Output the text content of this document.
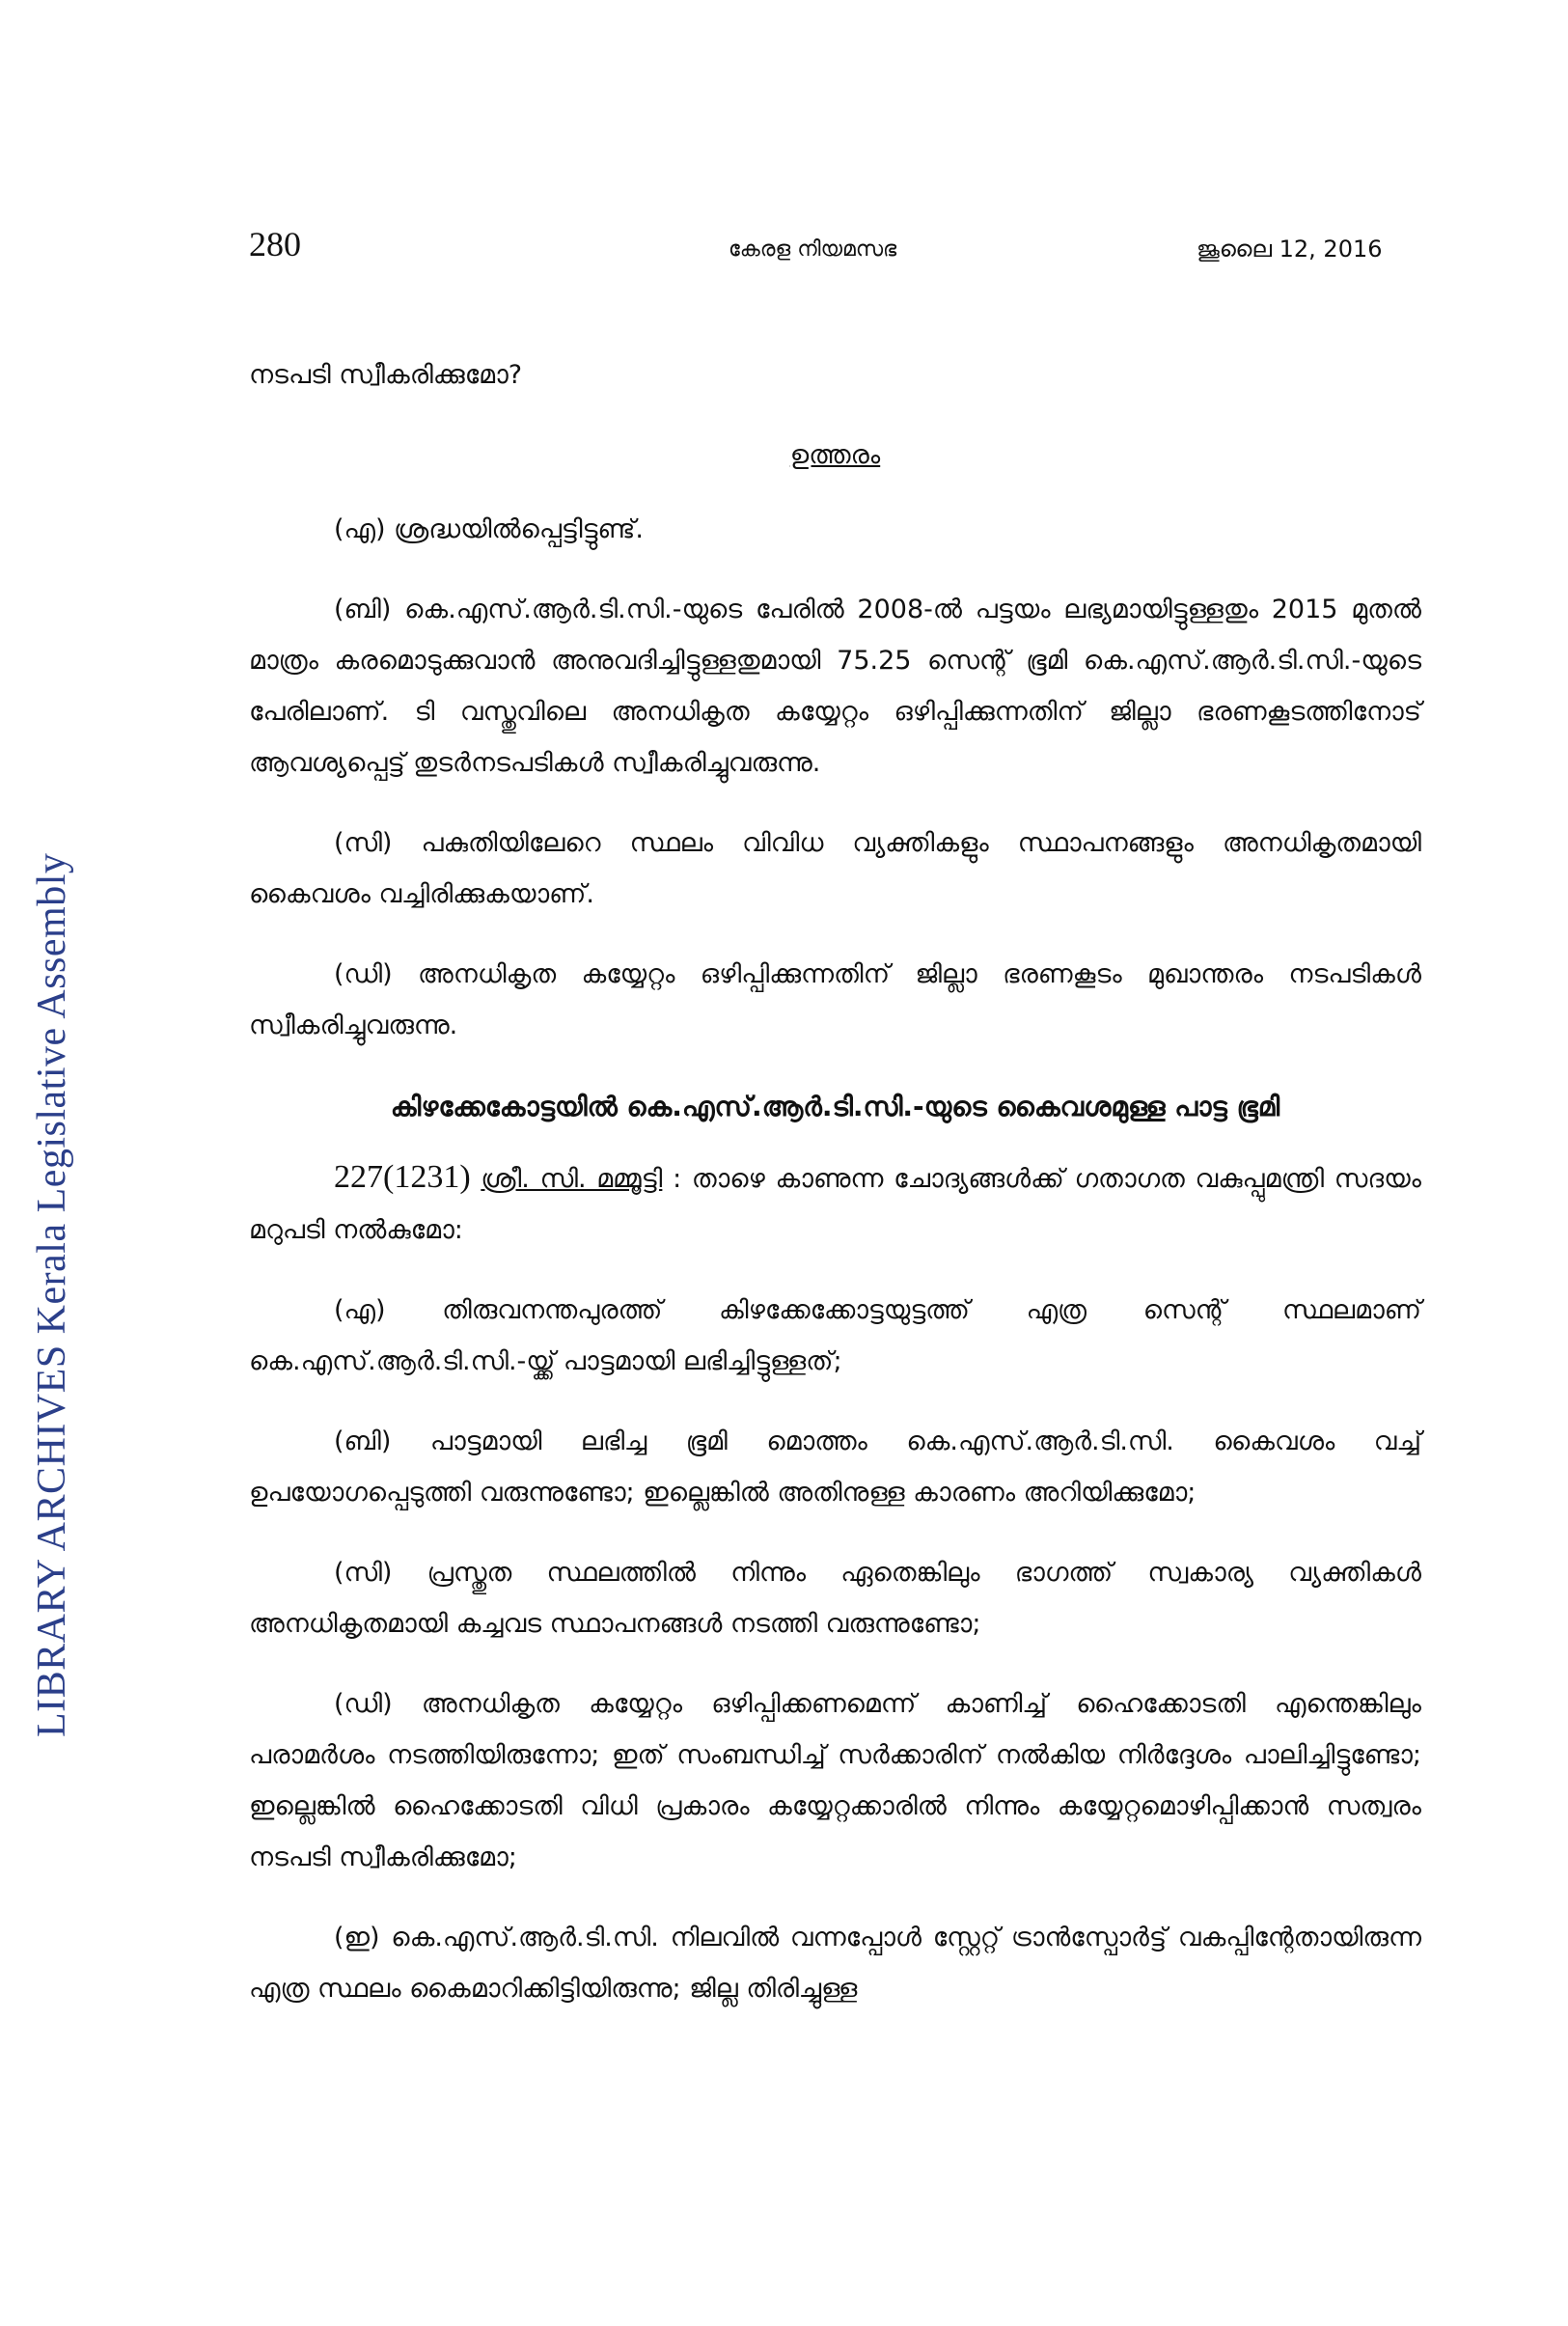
LIBRARY ARCHIVES Kerala Legislative Assembly
280	കേരള നിയമസഭ	ജൂലൈ 12, 2016

നടപടി സ്വീകരിക്കുമോ?

ഉത്തരം

(എ) ശ്രദ്ധയിൽപ്പെട്ടിട്ടുണ്ട്.

(ബി) കെ.എസ്.ആർ.ടി.സി.-യുടെ പേരിൽ 2008-ൽ പട്ടയം ലഭ്യമായിട്ടുള്ളതും 2015 മുതൽ മാത്രം കരമൊടുക്കുവാൻ അനുവദിച്ചിട്ടുള്ളതുമായി 75.25 സെന്റ് ഭൂമി കെ.എസ്.ആർ.ടി.സി.-യുടെ പേരിലാണ്. ടി വസ്തുവിലെ അനധികൃത കയ്യേറ്റം ഒഴിപ്പിക്കുന്നതിന് ജില്ലാ ഭരണകൂടത്തിനോട് ആവശ്യപ്പെട്ട് തുടർനടപടികൾ സ്വീകരിച്ചുവരുന്നു.

(സി) പകുതിയിലേറെ സ്ഥലം വിവിധ വ്യക്തികളും സ്ഥാപനങ്ങളും അനധികൃതമായി കൈവശം വച്ചിരിക്കുകയാണ്.

(ഡി) അനധികൃത കയ്യേറ്റം ഒഴിപ്പിക്കുന്നതിന് ജില്ലാ ഭരണകൂടം മുഖാന്തരം നടപടികൾ സ്വീകരിച്ചുവരുന്നു.

കിഴക്കേകോട്ടയിൽ കെ.എസ്.ആർ.ടി.സി.-യുടെ കൈവശമുള്ള പാട്ട ഭൂമി

227(1231) ശ്രീ. സി. മമ്മൂട്ടി : താഴെ കാണുന്ന ചോദ്യങ്ങൾക്ക് ഗതാഗത വകുപ്പുമന്ത്രി സദയം മറുപടി നൽകുമോ:

(എ) തിരുവനന്തപുരത്ത് കിഴക്കേക്കോട്ടയുട്ടത്ത് എത്ര സെന്റ് സ്ഥലമാണ് കെ.എസ്.ആർ.ടി.സി.-യ്ക്ക് പാട്ടമായി ലഭിച്ചിട്ടുള്ളത്;

(ബി) പാട്ടമായി ലഭിച്ച ഭൂമി മൊത്തം കെ.എസ്.ആർ.ടി.സി. കൈവശം വച്ച് ഉപയോഗപ്പെടുത്തി വരുന്നുണ്ടോ; ഇല്ലെങ്കിൽ അതിനുള്ള കാരണം അറിയിക്കുമോ;

(സി) പ്രസ്തുത സ്ഥലത്തിൽ നിന്നും ഏതെങ്കിലും ഭാഗത്ത് സ്വകാര്യ വ്യക്തികൾ അനധികൃതമായി കച്ചവട സ്ഥാപനങ്ങൾ നടത്തി വരുന്നുണ്ടോ;

(ഡി) അനധികൃത കയ്യേറ്റം ഒഴിപ്പിക്കണമെന്ന് കാണിച്ച് ഹൈക്കോടതി എന്തെങ്കിലും പരാമർശം നടത്തിയിരുന്നോ; ഇത് സംബന്ധിച്ച് സർക്കാരിന് നൽകിയ നിർദ്ദേശം പാലിച്ചിട്ടുണ്ടോ; ഇല്ലെങ്കിൽ ഹൈക്കോടതി വിധി പ്രകാരം കയ്യേറ്റക്കാരിൽ നിന്നും കയ്യേറ്റമൊഴിപ്പിക്കാൻ സത്വരം നടപടി സ്വീകരിക്കുമോ;

(ഇ) കെ.എസ്.ആർ.ടി.സി. നിലവിൽ വന്നപ്പോൾ സ്റ്റേറ്റ് ട്രാൻസ്പോർട്ട് വകപ്പിന്റേതായിരുന്ന എത്ര സ്ഥലം കൈമാറിക്കിട്ടിയിരുന്നു; ജില്ല തിരിച്ചുള്ള
